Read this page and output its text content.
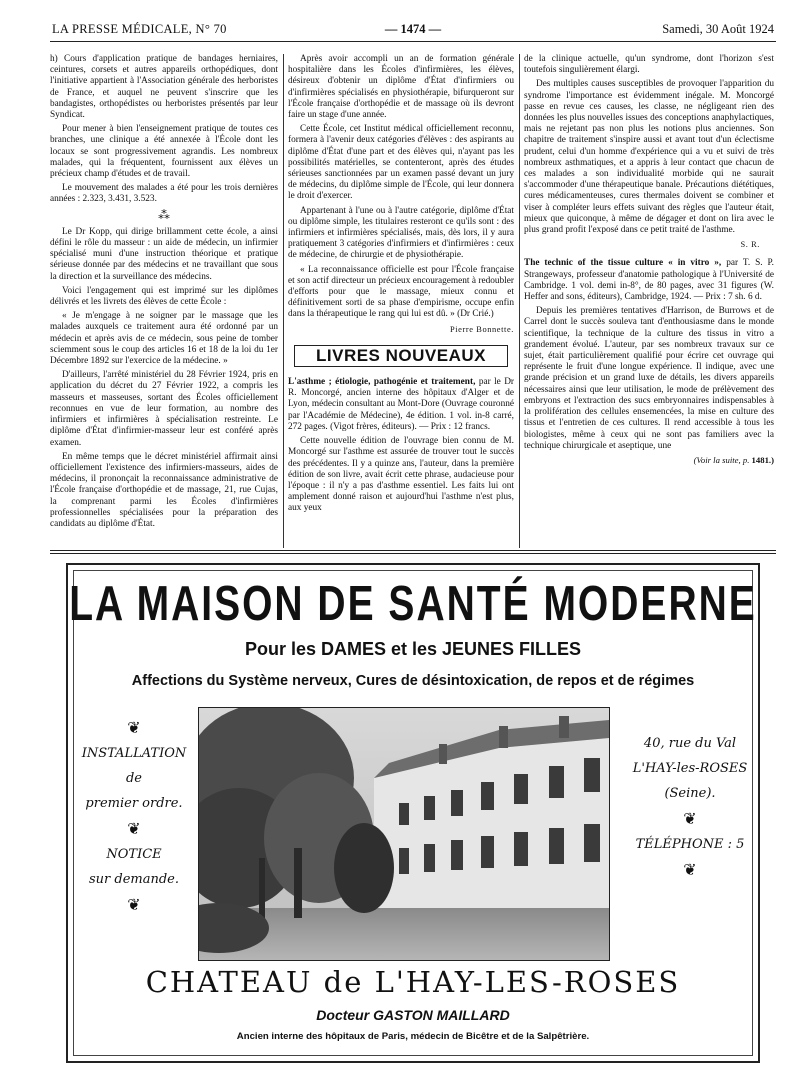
LA PRESSE MÉDICALE, N° 70	— 1474 —	Samedi, 30 Août 1924

h) Cours d'application pratique de bandages herniaires, ceintures, corsets et autres appareils orthopédiques, dont l'initiative appartient à l'Association générale des herboristes de France, et auquel ne peuvent s'inscrire que les bandagistes, orthopédistes ou herboristes présentés par leur Syndicat.

Pour mener à bien l'enseignement pratique de toutes ces branches, une clinique a été annexée à l'École dont les locaux se sont progressivement agrandis. Les nombreux malades, qui la fréquentent, fournissent aux élèves un précieux champ d'études et de travail.

Le mouvement des malades a été pour les trois dernières années : 2.323, 3.431, 3.523.

⁂

Le Dr Kopp, qui dirige brillamment cette école, a ainsi défini le rôle du masseur : un aide de médecin, un infirmier spécialisé muni d'une instruction théorique et pratique sérieuse donnée par des médecins et ne travaillant que sous la direction et la surveillance des médecins.

Voici l'engagement qui est imprimé sur les diplômes délivrés et les livrets des élèves de cette École :

« Je m'engage à ne soigner par le massage que les malades auxquels ce traitement aura été ordonné par un médecin et après avis de ce médecin, sous peine de tomber sciemment sous le coup des articles 16 et 18 de la loi du 1er Décembre 1892 sur l'exercice de la médecine. »

D'ailleurs, l'arrêté ministériel du 28 Février 1924, pris en application du décret du 27 Février 1922, a compris les masseurs et masseuses, sortant des Écoles officiellement reconnues en vue de leur formation, au nombre des infirmiers et infirmières à spécialisation restreinte. Le diplôme d'État d'infirmier-masseur leur est conféré après examen.

En même temps que le décret ministériel affirmait ainsi officiellement l'existence des infirmiers-masseurs, aides de médecins, il prononçait la reconnaissance administrative de l'École française d'orthopédie et de massage, 21, rue Cujas, la comprenant parmi les Écoles d'infirmières professionnelles spécialisées pour la préparation des candidats au diplôme d'État.

Après avoir accompli un an de formation générale hospitalière dans les Écoles d'infirmières, les élèves, désireux d'obtenir un diplôme d'État d'infirmiers ou d'infirmières spécialisés en physiothérapie, bifurqueront sur l'École française d'orthopédie et de massage où ils devront faire un stage d'une année.

Cette École, cet Institut médical officiellement reconnu, formera à l'avenir deux catégories d'élèves : des aspirants au diplôme d'État d'une part et des élèves qui, n'ayant pas les possibilités matérielles, se contenteront, après des études sérieuses sanctionnées par un examen passé devant un jury de médecins, du diplôme simple de l'École, qui leur donnera le droit d'exercer.

Appartenant à l'une ou à l'autre catégorie, diplôme d'État ou diplôme simple, les titulaires resteront ce qu'ils sont : des infirmiers et infirmières spécialisés, mais, dès lors, il y aura pratiquement 3 catégories d'infirmiers et d'infirmières : ceux de médecine, de chirurgie et de physiothérapie.

« La reconnaissance officielle est pour l'École française et son actif directeur un précieux encouragement à redoubler d'efforts pour que le massage, mieux connu et définitivement sorti de sa phase d'empirisme, occupe enfin dans la thérapeutique le rang qui lui est dû. » (Dr Crié.)

Pierre Bonnette.
LIVRES NOUVEAUX

L'asthme ; étiologie, pathogénie et traitement, par le Dr R. Moncorgé, ancien interne des hôpitaux d'Alger et de Lyon, médecin consultant au Mont-Dore (Ouvrage couronné par l'Académie de Médecine), 4e édition. 1 vol. in-8 carré, 272 pages. (Vigot frères, éditeurs). — Prix : 12 francs.

Cette nouvelle édition de l'ouvrage bien connu de M. Moncorgé sur l'asthme est assurée de trouver tout le succès des précédentes. Il y a quinze ans, l'auteur, dans la première édition de son livre, avait écrit cette phrase, audacieuse pour l'époque : il n'y a pas d'asthme essentiel. Les faits lui ont amplement donné raison et aujourd'hui l'asthme n'est plus, aux yeux

de la clinique actuelle, qu'un syndrome, dont l'horizon s'est toutefois singulièrement élargi.

Des multiples causes susceptibles de provoquer l'apparition du syndrome l'importance est évidemment inégale. M. Moncorgé passe en revue ces causes, les classe, ne négligeant rien des données les plus nouvelles issues des conceptions anaphylactiques, mais ne rejetant pas non plus les notions plus anciennes. Son chapitre de traitement s'inspire aussi et avant tout d'un éclectisme prudent, celui d'un homme d'expérience qui a vu et suivi de très nombreux asthmatiques, et a appris à leur contact que chacun de ces malades a son individualité morbide qui ne saurait s'accommoder d'une thérapeutique banale. Précautions diététiques, cures médicamenteuses, cures thermales doivent se combiner et viser à compléter leurs effets suivant des règles que l'auteur était, mieux que quiconque, à même de dégager et dont on lira avec le plus grand profit l'exposé dans ce petit traité de l'asthme.

S. R.

The technic of the tissue culture « in vitro », par T. S. P. Strangeways, professeur d'anatomie pathologique à l'Université de Cambridge. 1 vol. demi in-8°, de 80 pages, avec 31 figures (W. Heffer and sons, éditeurs), Cambridge, 1924. — Prix : 7 sh. 6 d.

Depuis les premières tentatives d'Harrison, de Burrows et de Carrel dont le succès souleva tant d'enthousiasme dans le monde scientifique, la technique de la culture des tissus in vitro a grandement évolué. L'auteur, par ses nombreux travaux sur ce sujet, était particulièrement qualifié pour écrire cet ouvrage qui représente le fruit d'une longue expérience. Il indique, avec une grande précision et un grand luxe de détails, les divers appareils nécessaires ainsi que leur utilisation, le mode de prélèvement des embryons et l'extraction des sucs embryonnaires indispensables à la prolifération des cellules ensemencées, la mise en culture des tissus et l'entretien de ces cultures. Il rend accessible à tous les biologistes, même à ceux qui ne sont pas familiers avec la technique chirurgicale et aseptique, une

(Voir la suite, p. 1481.)
LA MAISON DE SANTÉ MODERNE
Pour les DAMES et les JEUNES FILLES
Affections du Système nerveux, Cures de désintoxication, de repos et de régimes
❦
INSTALLATION
de
premier ordre.
❦
NOTICE
sur demande.
❦
40, rue du Val
L'HAY-les-ROSES
(Seine).
❦
TÉLÉPHONE : 5
❦
CHATEAU de L'HAY-LES-ROSES
Docteur GASTON MAILLARD
Ancien interne des hôpitaux de Paris, médecin de Bicêtre et de la Salpêtrière.
